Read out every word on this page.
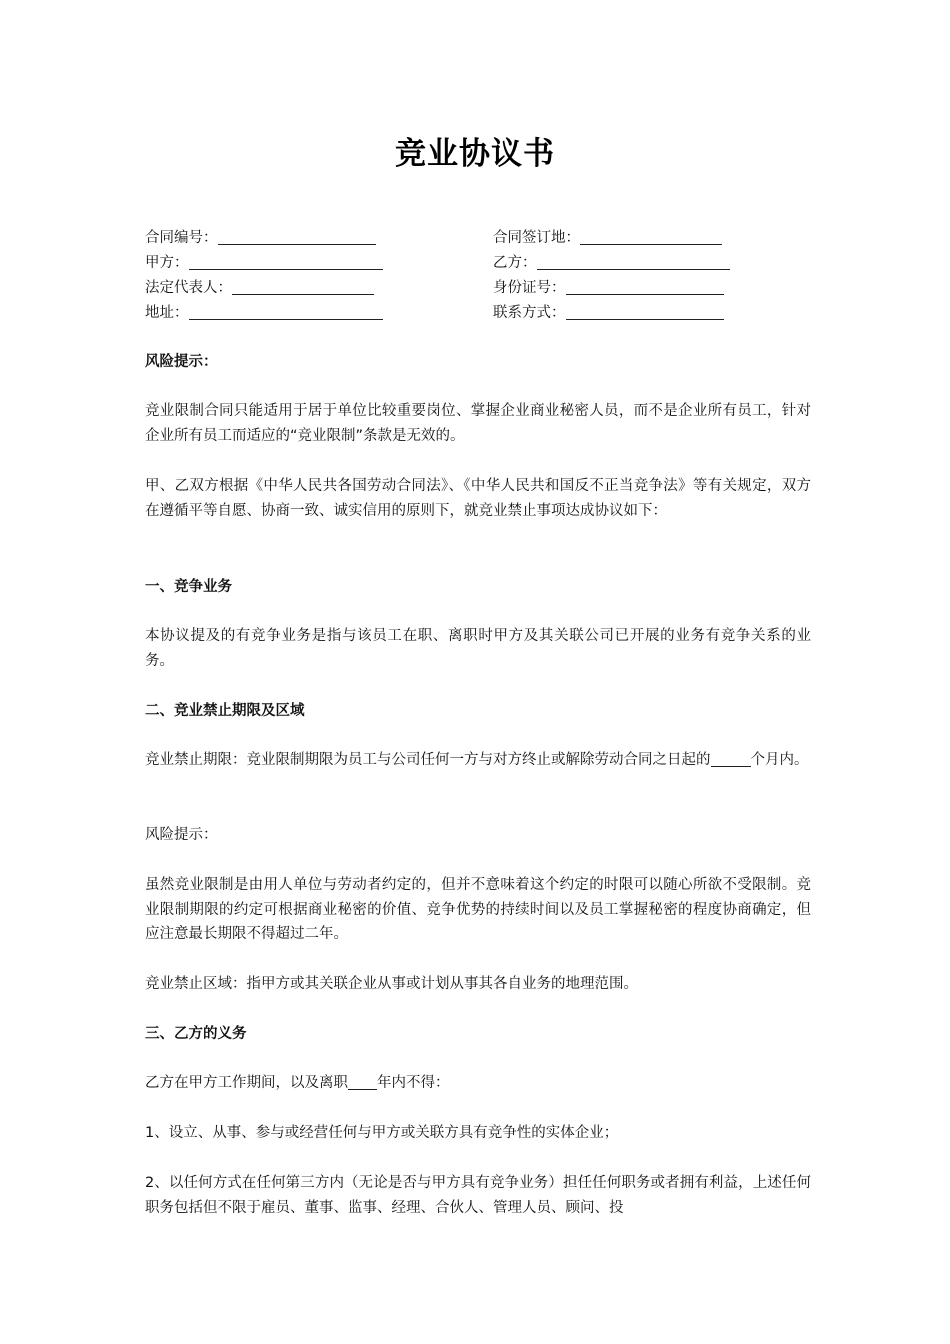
竞业协议书
合同编号：	合同签订地：
甲方：	乙方：
法定代表人：	身份证号：
地址：	联系方式：
风险提示：
竞业限制合同只能适用于居于单位比较重要岗位、掌握企业商业秘密人员，而不是企业所有员工，针对企业所有员工而适应的“竞业限制”条款是无效的。
甲、乙双方根据《中华人民共各国劳动合同法》、《中华人民共和国反不正当竞争法》等有关规定，双方在遵循平等自愿、协商一致、诚实信用的原则下，就竞业禁止事项达成协议如下：
一、竞争业务
本协议提及的有竞争业务是指与该员工在职、离职时甲方及其关联公司已开展的业务有竞争关系的业务。
二、竞业禁止期限及区域
竞业禁止期限：竞业限制期限为员工与公司任何一方与对方终止或解除劳动合同之日起的	个月内。
风险提示：
虽然竞业限制是由用人单位与劳动者约定的，但并不意味着这个约定的时限可以随心所欲不受限制。竞业限制期限的约定可根据商业秘密的价值、竞争优势的持续时间以及员工掌握秘密的程度协商确定，但应注意最长期限不得超过二年。
竞业禁止区域：指甲方或其关联企业从事或计划从事其各自业务的地理范围。
三、乙方的义务
乙方在甲方工作期间，以及离职 年内不得：
1、设立、从事、参与或经营任何与甲方或关联方具有竞争性的实体企业；
2、以任何方式在任何第三方内（无论是否与甲方具有竞争业务）担任任何职务或者拥有利益，上述任何职务包括但不限于雇员、董事、监事、经理、合伙人、管理人员、顾问、投
